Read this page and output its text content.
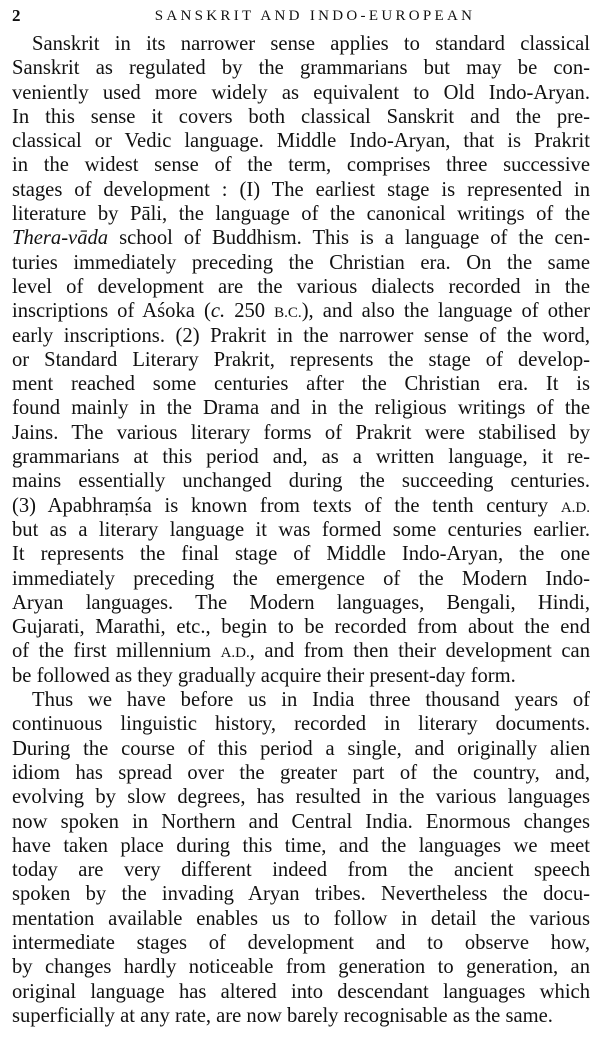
2	SANSKRIT AND INDO-EUROPEAN
Sanskrit in its narrower sense applies to standard classical
Sanskrit as regulated by the grammarians but may be con-
veniently used more widely as equivalent to Old Indo-Aryan.
In this sense it covers both classical Sanskrit and the pre-
classical or Vedic language. Middle Indo-Aryan, that is Prakrit
in the widest sense of the term, comprises three successive
stages of development : (I) The earliest stage is represented in
literature by Pāli, the language of the canonical writings of the
Thera-vāda school of Buddhism. This is a language of the cen-
turies immediately preceding the Christian era. On the same
level of development are the various dialects recorded in the
inscriptions of Aśoka (c. 250 B.C.), and also the language of other
early inscriptions. (2) Prakrit in the narrower sense of the word,
or Standard Literary Prakrit, represents the stage of develop-
ment reached some centuries after the Christian era. It is
found mainly in the Drama and in the religious writings of the
Jains. The various literary forms of Prakrit were stabilised by
grammarians at this period and, as a written language, it re-
mains essentially unchanged during the succeeding centuries.
(3) Apabhraṃśa is known from texts of the tenth century A.D.
but as a literary language it was formed some centuries earlier.
It represents the final stage of Middle Indo-Aryan, the one
immediately preceding the emergence of the Modern Indo-
Aryan languages. The Modern languages, Bengali, Hindi,
Gujarati, Marathi, etc., begin to be recorded from about the end
of the first millennium A.D., and from then their development can
be followed as they gradually acquire their present-day form.
Thus we have before us in India three thousand years of
continuous linguistic history, recorded in literary documents.
During the course of this period a single, and originally alien
idiom has spread over the greater part of the country, and,
evolving by slow degrees, has resulted in the various languages
now spoken in Northern and Central India. Enormous changes
have taken place during this time, and the languages we meet
today are very different indeed from the ancient speech
spoken by the invading Aryan tribes. Nevertheless the docu-
mentation available enables us to follow in detail the various
intermediate stages of development and to observe how,
by changes hardly noticeable from generation to generation, an
original language has altered into descendant languages which
superficially at any rate, are now barely recognisable as the same.
